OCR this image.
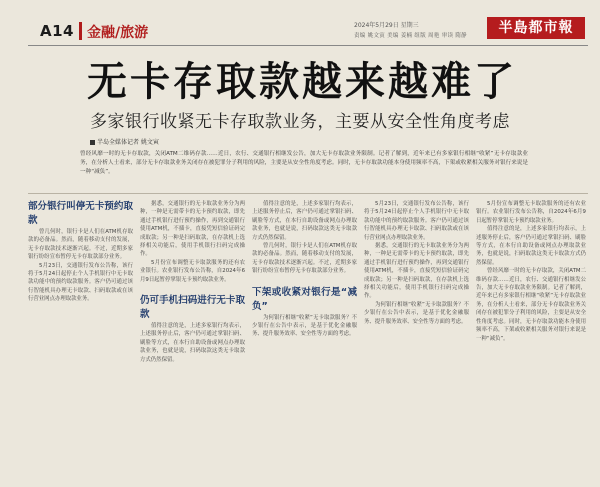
A14 金融/旅游	2024年5月29日 星期三
责编 姚文寅 美编 姜楠 组版 周艳 审读 隋静	半島都市報
无卡存取款越来越难了
多家银行收紧无卡存取款业务，主要从安全性角度考虑
半岛全媒体记者 姚文寅
曾经风靡一时的无卡存取款，关闭ATM二维码存款……近日，农行、交通银行相继发公告，加大无卡存取款业务限制。记者了解到，近年来已有多家银行相继“收紧”无卡存取款业务，在分析人士看来，部分无卡存取款业务关闭存在被犯罪分子利用的风险，主要是从安全性角度考虑。同时，无卡存取款功能本身使用频率不高，下架或收紧相关服务对银行来说是一种“减负”。

部分银行叫停无卡预约取款

曾几何时，银行卡是人们在ATM机存取款的必备品。然而，随着移动支付的发展，无卡存取款技术逐渐兴起。不过，近期多家银行纷纷宣布暂停无卡存取款部分业务。

5月23日，交通银行发布公告称，该行将于5月24日起停止个人手机银行中无卡取款功能中的预约取款服务。客户仍可通过该行智能机具办理无卡取款、扫码取款或在该行营业网点办理取款业务。

据悉，交通银行的无卡取款业务分为两种，一种是无需带卡的无卡预约取款，即先通过手机银行进行预约操作，再到交通银行使用ATM机，不插卡，直接凭短信验证码完成取款；另一种是扫码取款，在存款机上选择相关功能后，使用手机银行扫码完成操作。

5月份宣布调整无卡取款服务的还有农业银行。农业银行发布公告称，自2024年6月9日起暂停掌银无卡预约取款业务。

仍可手机扫码进行无卡取款

值得注意的是，上述多家银行均表示，上述服务停止后，客户仍可通过掌银扫码、刷脸等方式，在本行自助设备或网点办理取款业务，也就是说，扫码取款这类无卡取款方式仍然保留。

值得注意的是，上述多家银行均表示，上述服务停止后，客户仍可通过掌银扫码、刷脸等方式，在本行自助设备或网点办理取款业务，也就是说，扫码取款这类无卡取款方式仍然保留。

曾几何时，银行卡是人们在ATM机存取款的必备品。然而，随着移动支付的发展，无卡存取款技术逐渐兴起。不过，近期多家银行纷纷宣布暂停无卡存取款部分业务。

下架或收紧对银行是“减负”

为何银行相继“收紧”无卡取款服务？不少银行在公告中表示，是基于优化金融服务、提升服务效率、安全性等方面的考虑。

5月23日，交通银行发布公告称，该行将于5月24日起停止个人手机银行中无卡取款功能中的预约取款服务。客户仍可通过该行智能机具办理无卡取款、扫码取款或在该行营业网点办理取款业务。

据悉，交通银行的无卡取款业务分为两种，一种是无需带卡的无卡预约取款，即先通过手机银行进行预约操作，再到交通银行使用ATM机，不插卡，直接凭短信验证码完成取款；另一种是扫码取款，在存款机上选择相关功能后，使用手机银行扫码完成操作。

为何银行相继“收紧”无卡取款服务？不少银行在公告中表示，是基于优化金融服务、提升服务效率、安全性等方面的考虑。

5月份宣布调整无卡取款服务的还有农业银行。农业银行发布公告称，自2024年6月9日起暂停掌银无卡预约取款业务。

值得注意的是，上述多家银行均表示，上述服务停止后，客户仍可通过掌银扫码、刷脸等方式，在本行自助设备或网点办理取款业务，也就是说，扫码取款这类无卡取款方式仍然保留。

曾经风靡一时的无卡存取款，关闭ATM二维码存款……近日，农行、交通银行相继发公告，加大无卡存取款业务限制。记者了解到，近年来已有多家银行相继“收紧”无卡存取款业务，在分析人士看来，部分无卡存取款业务关闭存在被犯罪分子利用的风险，主要是从安全性角度考虑。同时，无卡存取款功能本身使用频率不高，下架或收紧相关服务对银行来说是一种“减负”。
